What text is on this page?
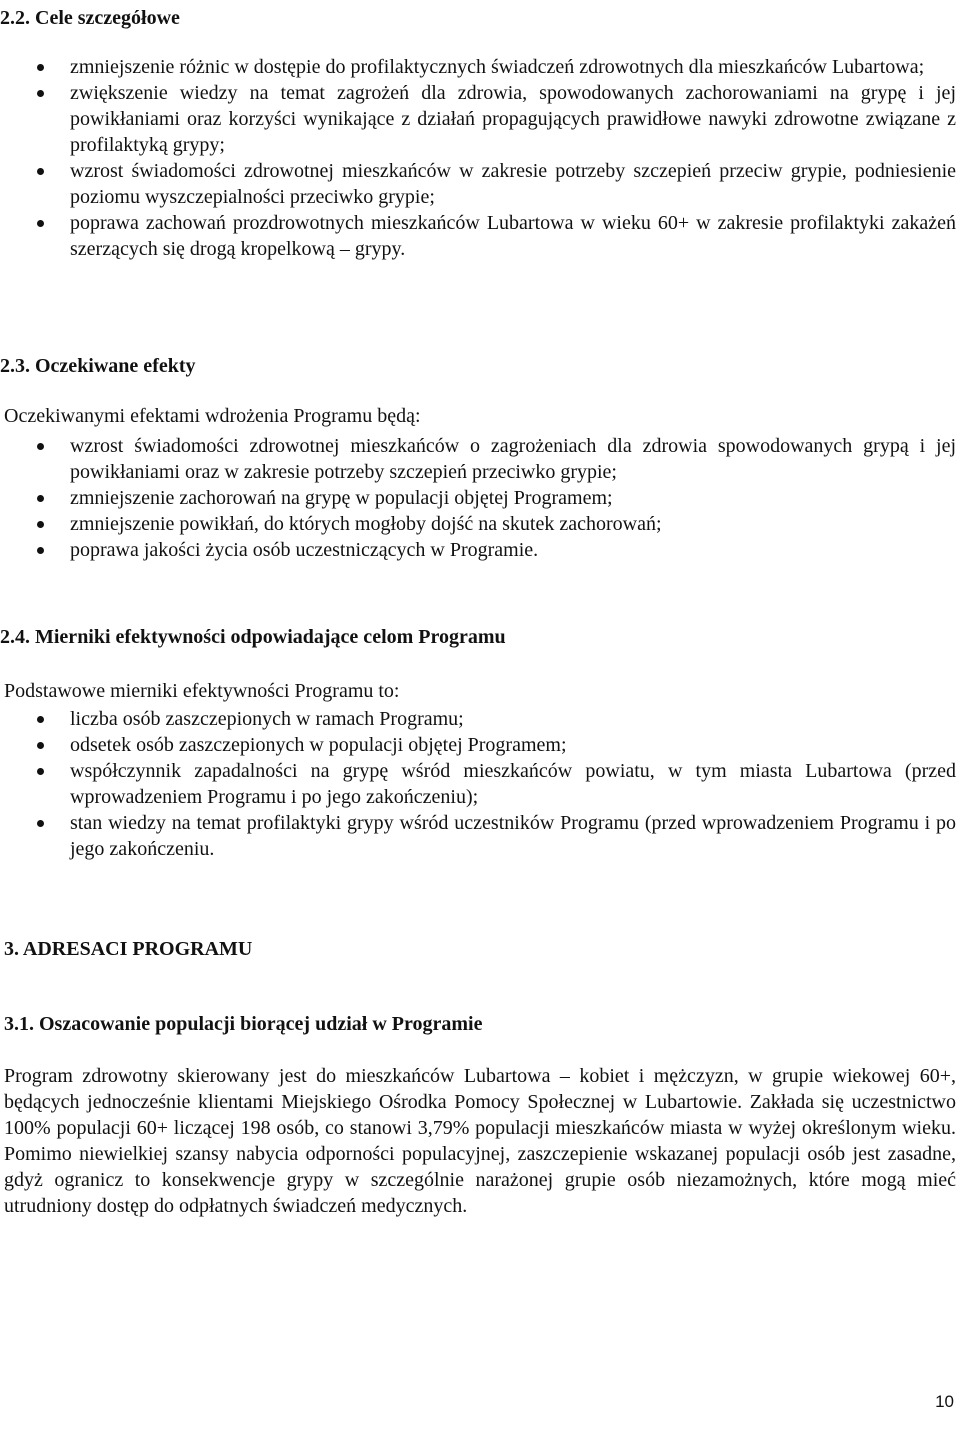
2.2. Cele szczegółowe
zmniejszenie różnic w dostępie do profilaktycznych świadczeń zdrowotnych dla mieszkańców Lubartowa;
zwiększenie wiedzy na temat zagrożeń dla zdrowia, spowodowanych zachorowaniami na grypę i jej powikłaniami oraz korzyści wynikające z działań propagujących prawidłowe nawyki zdrowotne związane z profilaktyką grypy;
wzrost świadomości zdrowotnej mieszkańców w zakresie potrzeby szczepień przeciw grypie, podniesienie poziomu wyszczepialności przeciwko grypie;
poprawa zachowań prozdrowotnych mieszkańców Lubartowa w wieku 60+ w zakresie profilaktyki zakażeń szerzących się drogą kropelkową – grypy.
2.3. Oczekiwane efekty

Oczekiwanymi efektami wdrożenia Programu będą:

wzrost świadomości zdrowotnej mieszkańców o zagrożeniach dla zdrowia spowodowanych grypą i jej powikłaniami oraz w zakresie potrzeby szczepień przeciwko grypie;
zmniejszenie zachorowań na grypę w populacji objętej Programem;
zmniejszenie powikłań, do których mogłoby dojść na skutek zachorowań;
poprawa jakości życia osób uczestniczących w Programie.
2.4. Mierniki efektywności odpowiadające celom Programu

Podstawowe mierniki efektywności Programu to:

liczba osób zaszczepionych w ramach Programu;
odsetek osób zaszczepionych w populacji objętej Programem;
współczynnik zapadalności na grypę wśród mieszkańców powiatu, w tym miasta Lubartowa (przed wprowadzeniem Programu i po jego zakończeniu);
stan wiedzy na temat profilaktyki grypy wśród uczestników Programu (przed wprowadzeniem Programu i po jego zakończeniu.
3. ADRESACI PROGRAMU
3.1. Oszacowanie populacji biorącej udział w Programie

Program zdrowotny skierowany jest do mieszkańców Lubartowa – kobiet i mężczyzn, w grupie wiekowej 60+, będących jednocześnie klientami Miejskiego Ośrodka Pomocy Społecznej w Lubartowie. Zakłada się uczestnictwo 100% populacji 60+ liczącej 198 osób, co stanowi 3,79% populacji mieszkańców miasta w wyżej określonym wieku. Pomimo niewielkiej szansy nabycia odporności populacyjnej, zaszczepienie wskazanej populacji osób jest zasadne, gdyż ogranicz to konsekwencje grypy w szczególnie narażonej grupie osób niezamożnych, które mogą mieć utrudniony dostęp do odpłatnych świadczeń medycznych.

10
